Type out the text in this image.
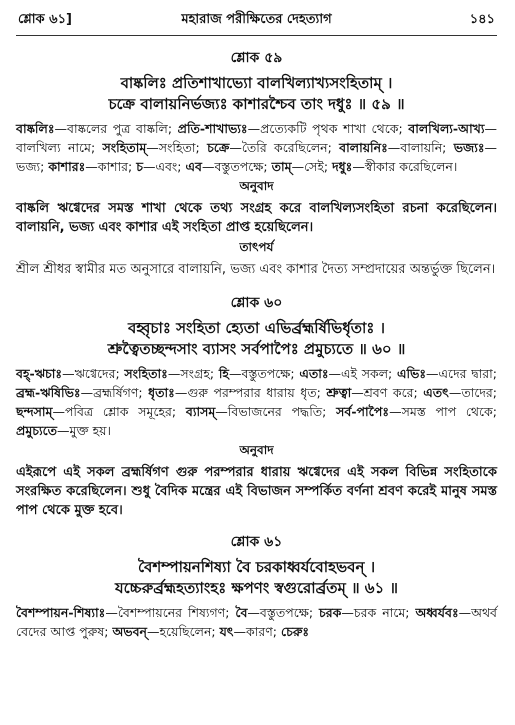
শ্লোক ৬১]	মহারাজ পরীক্ষিতের দেহত্যাগ	১৪১
শ্লোক ৫৯
বাষ্কলিঃ প্রতিশাখাভ্যো বালখিল্যাখ্যসংহিতাম্ ।
চক্রে বালায়নির্ভজ্যঃ কাশারশ্চৈব তাং দধুঃ ॥ ৫৯ ॥
বাষ্কলিঃ—বাষ্কলের পুত্র বাষ্কলি; প্রতি-শাখাভ্যঃ—প্রত্যেকটি পৃথক শাখা থেকে; বালখিল্য-আখ্য—বালখিল্য নামে; সংহিতাম্—সংহিতা; চক্রে—তৈরি করেছিলেন; বালায়নিঃ—বালায়নি; ভজ্যঃ—ভজ্য; কাশারঃ—কাশার; চ—এবং; এব—বস্তুতপক্ষে; তাম্—সেই; দধুঃ—স্বীকার করেছিলেন।
অনুবাদ
বাষ্কলি ঋগ্বেদের সমস্ত শাখা থেকে তথ্য সংগ্রহ করে বালখিল্যসংহিতা রচনা করেছিলেন। বালায়নি, ভজ্য এবং কাশার এই সংহিতা প্রাপ্ত হয়েছিলেন।
তাৎপর্য
শ্রীল শ্রীধর স্বামীর মত অনুসারে বালায়নি, ভজ্য এবং কাশার দৈত্য সম্প্রদায়ের অন্তর্ভুক্ত ছিলেন।
শ্লোক ৬০
বহ্বৃচাঃ সংহিতা হ্যেতা এভির্ব্রহ্মর্ষিভির্ধৃতাঃ ।
শ্রুত্বৈতচ্ছন্দসাং ব্যাসং সর্বপাপৈঃ প্রমুচ্যতে ॥ ৬০ ॥
বহ্-ঋচাঃ—ঋগ্বেদের; সংহিতাঃ—সংগ্রহ; হি—বস্তুতপক্ষে; এতাঃ—এই সকল; এভিঃ—এদের দ্বারা; ব্রহ্ম-ঋষিভিঃ—ব্রহ্মর্ষিগণ; ধৃতাঃ—গুরু পরম্পরার ধারায় ধৃত; শ্রুত্বা—শ্রবণ করে; এতৎ—তাদের; ছন্দসাম্—পবিত্র শ্লোক সমূহের; ব্যাসম্—বিভাজনের পদ্ধতি; সর্ব-পাপৈঃ—সমস্ত পাপ থেকে; প্রমুচ্যতে—মুক্ত হয়।
অনুবাদ
এইরূপে এই সকল ব্রহ্মর্ষিগণ গুরু পরম্পরার ধারায় ঋগ্বেদের এই সকল বিভিন্ন সংহিতাকে সংরক্ষিত করেছিলেন। শুধু বৈদিক মন্ত্রের এই বিভাজন সম্পর্কিত বর্ণনা শ্রবণ করেই মানুষ সমস্ত পাপ থেকে মুক্ত হবে।
শ্লোক ৬১
বৈশম্পায়নশিষ্যা বৈ চরকাধ্বর্যবোহভবন্ ।
যচ্চেরুর্ব্রহ্মহত্যাংহঃ ক্ষপণং স্বগুরোর্ব্রতম্ ॥ ৬১ ॥
বৈশম্পায়ন-শিষ্যাঃ—বৈশম্পায়নের শিষ্যগণ; বৈ—বস্তুতপক্ষে; চরক—চরক নামে; অধ্বর্যবঃ—অথর্ব বেদের আপ্ত পুরুষ; অভবন্—হয়েছিলেন; যৎ—কারণ; চেরুঃ
